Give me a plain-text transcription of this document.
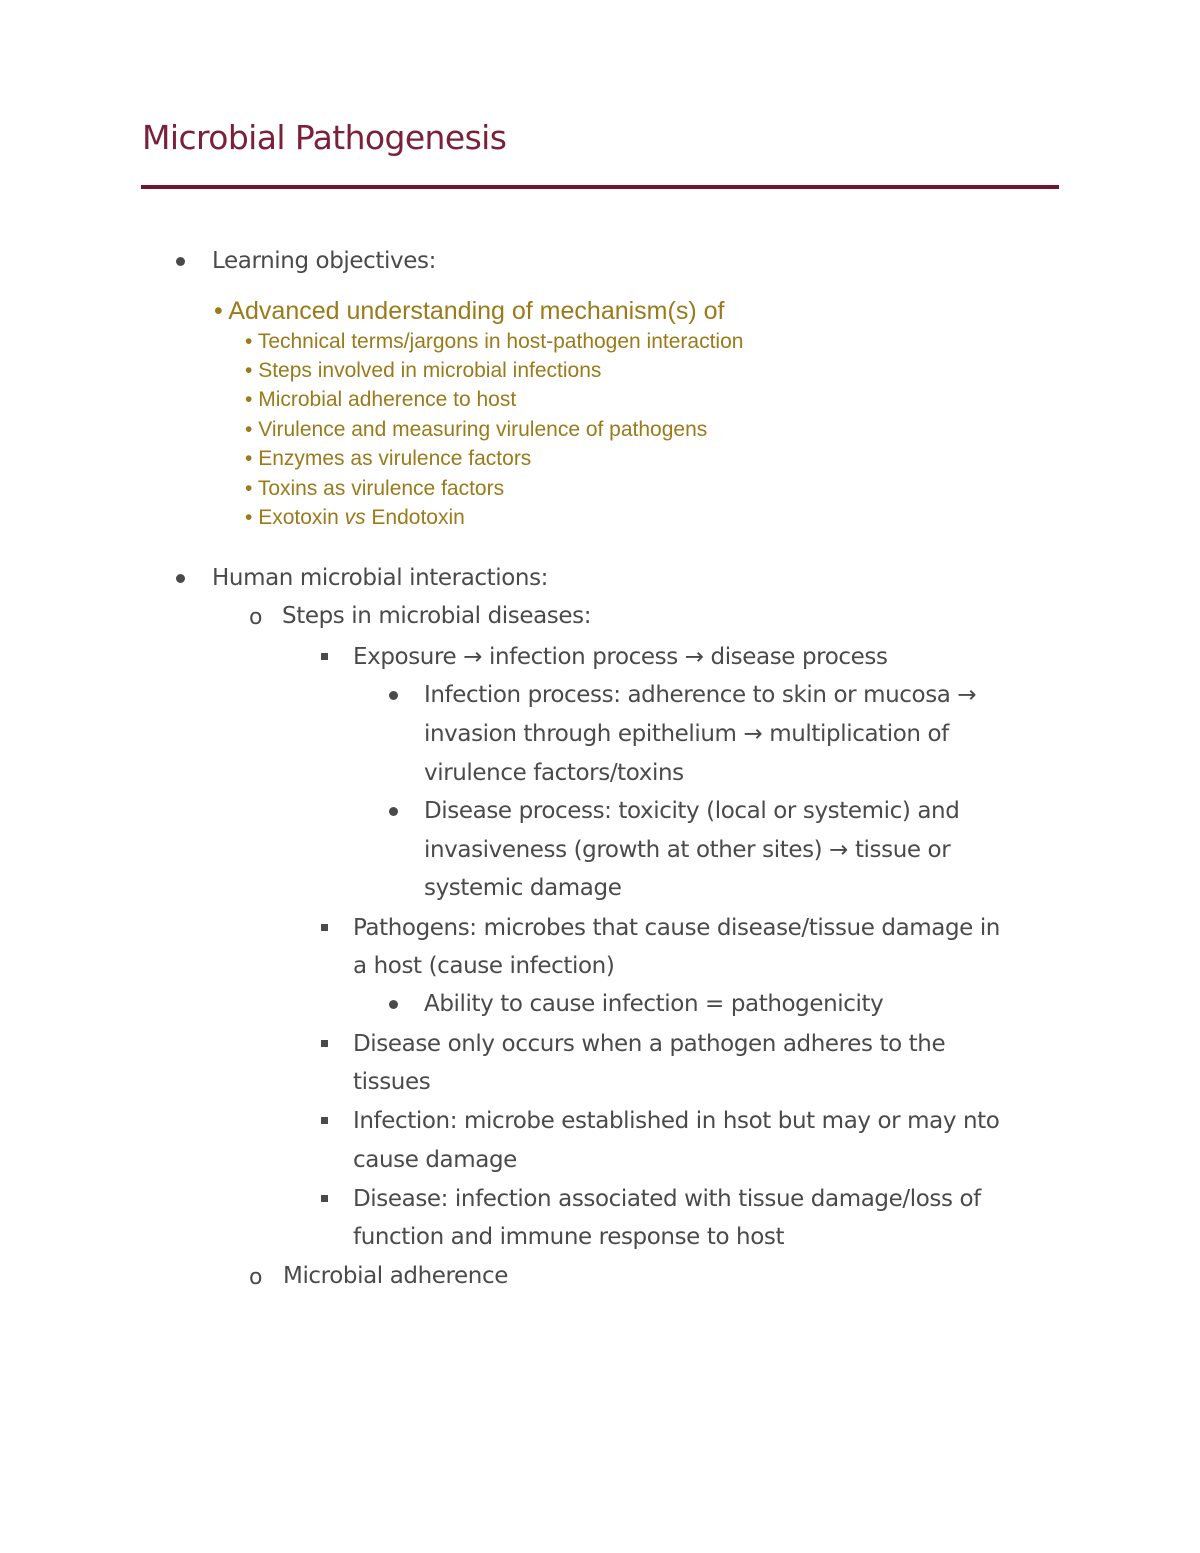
Microbial Pathogenesis
Learning objectives:
• Advanced understanding of mechanism(s) of
• Technical terms/jargons in host-pathogen interaction
• Steps involved in microbial infections
• Microbial adherence to host
• Virulence and measuring virulence of pathogens
• Enzymes as virulence factors
• Toxins as virulence factors
• Exotoxin vs Endotoxin
Human microbial interactions:
o Steps in microbial diseases:
Exposure → infection process → disease process
Infection process: adherence to skin or mucosa →
invasion through epithelium → multiplication of
virulence factors/toxins
Disease process: toxicity (local or systemic) and
invasiveness (growth at other sites) → tissue or
systemic damage
Pathogens: microbes that cause disease/tissue damage in
a host (cause infection)
Ability to cause infection = pathogenicity
Disease only occurs when a pathogen adheres to the
tissues
Infection: microbe established in hsot but may or may nto
cause damage
Disease: infection associated with tissue damage/loss of
function and immune response to host
o Microbial adherence
